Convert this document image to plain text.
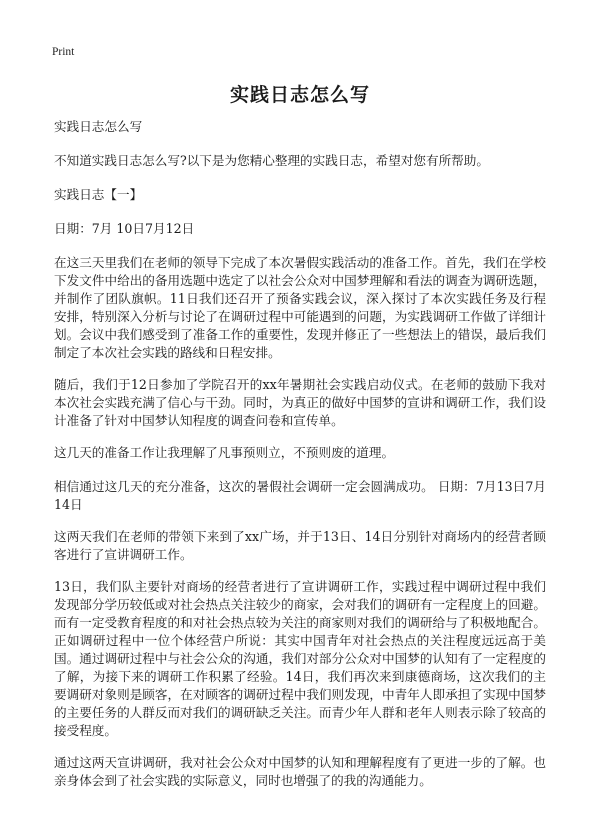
Print
实践日志怎么写

实践日志怎么写

不知道实践日志怎么写?以下是为您精心整理的实践日志，希望对您有所帮助。

实践日志【一】

日期：7月 10日7月12日

在这三天里我们在老师的领导下完成了本次暑假实践活动的准备工作。首先，我们在学校下发文件中给出的备用选题中选定了以社会公众对中国梦理解和看法的调查为调研选题，并制作了团队旗帜。11日我们还召开了预备实践会议，深入探讨了本次实践任务及行程安排，特别深入分析与讨论了在调研过程中可能遇到的问题，为实践调研工作做了详细计划。会议中我们感受到了准备工作的重要性，发现并修正了一些想法上的错误，最后我们制定了本次社会实践的路线和日程安排。

随后，我们于12日参加了学院召开的xx年暑期社会实践启动仪式。在老师的鼓励下我对本次社会实践充满了信心与干劲。同时，为真正的做好中国梦的宣讲和调研工作，我们设计准备了针对中国梦认知程度的调查问卷和宣传单。

这几天的准备工作让我理解了凡事预则立，不预则废的道理。

相信通过这几天的充分准备，这次的暑假社会调研一定会圆满成功。 日期：7月13日7月14日

这两天我们在老师的带领下来到了xx广场，并于13日、14日分别针对商场内的经营者顾客进行了宣讲调研工作。

13日，我们队主要针对商场的经营者进行了宣讲调研工作，实践过程中调研过程中我们发现部分学历较低或对社会热点关注较少的商家，会对我们的调研有一定程度上的回避。而有一定受教育程度的和对社会热点较为关注的商家则对我们的调研给与了积极地配合。正如调研过程中一位个体经营户所说：其实中国青年对社会热点的关注程度远远高于美国。通过调研过程中与社会公众的沟通，我们对部分公众对中国梦的认知有了一定程度的了解，为接下来的调研工作积累了经验。14日，我们再次来到康德商场，这次我们的主要调研对象则是顾客，在对顾客的调研过程中我们则发现，中青年人即承担了实现中国梦的主要任务的人群反而对我们的调研缺乏关注。而青少年人群和老年人则表示除了较高的接受程度。

通过这两天宣讲调研，我对社会公众对中国梦的认知和理解程度有了更进一步的了解。也亲身体会到了社会实践的实际意义，同时也增强了的我的沟通能力。
